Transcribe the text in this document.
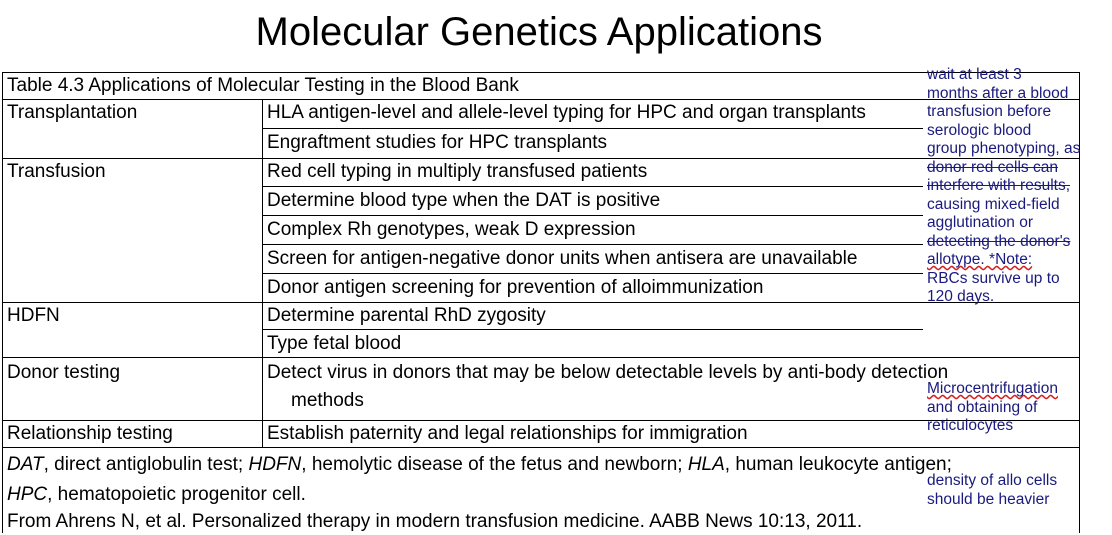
Molecular Genetics Applications
Table 4.3 Applications of Molecular Testing in the Blood Bank
Transplantation	HLA antigen-level and allele-level typing for HPC and organ transplants
Engraftment studies for HPC transplants
Transfusion	Red cell typing in multiply transfused patients
Determine blood type when the DAT is positive
Complex Rh genotypes, weak D expression
Screen for antigen-negative donor units when antisera are unavailable
Donor antigen screening for prevention of alloimmunization
HDFN	Determine parental RhD zygosity
Type fetal blood
Donor testing	Detect virus in donors that may be below detectable levels by anti-body detection
methods
Relationship testing	Establish paternity and legal relationships for immigration
DAT, direct antiglobulin test; HDFN, hemolytic disease of the fetus and newborn; HLA, human leukocyte antigen;
HPC, hematopoietic progenitor cell.
From Ahrens N, et al. Personalized therapy in modern transfusion medicine. AABB News 10:13, 2011.
wait at least 3
months after a blood
transfusion before
serologic blood
group phenotyping, as
donor red cells can
interfere with results,
causing mixed-field
agglutination or
detecting the donor's
allotype. *Note:
RBCs survive up to
120 days.
Microcentrifugation
and obtaining of
reticulocytes
density of allo cells
should be heavier
